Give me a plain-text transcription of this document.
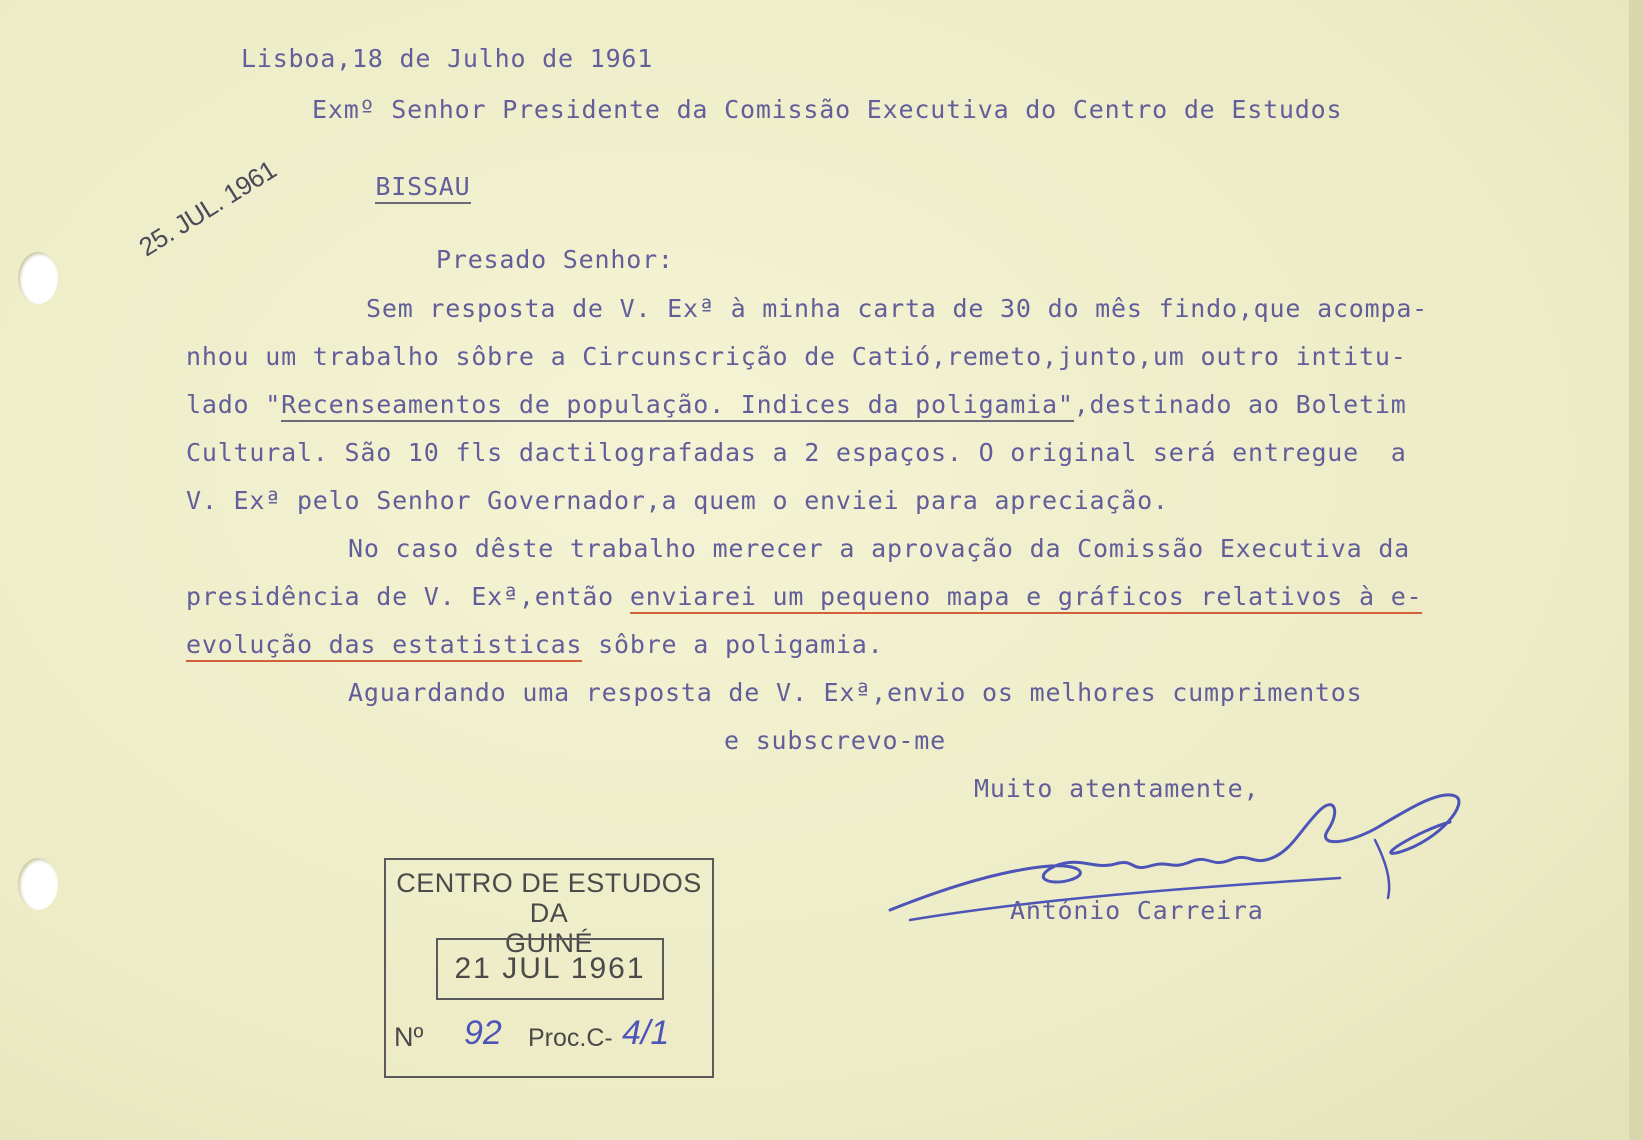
Lisboa,18 de Julho de 1961
Exmº Senhor Presidente da Comissão Executiva do Centro de Estudos

BISSAU

25. JUL. 1961	Presado Senhor:
Sem resposta de V. Exª à minha carta de 30 do mês findo,que acompa-
nhou um trabalho sôbre a Circunscrição de Catió,remeto,junto,um outro intitu-
lado "Recenseamentos de população. Indices da poligamia",destinado ao Boletim
Cultural. São 10 fls dactilografadas a 2 espaços. O original será entregue  a
V. Exª pelo Senhor Governador,a quem o enviei para apreciação.
No caso dêste trabalho merecer a aprovação da Comissão Executiva da
presidência de V. Exª,então enviarei um pequeno mapa e gráficos relativos à e-
evolução das estatisticas sôbre a poligamia.
Aguardando uma resposta de V. Exª,envio os melhores cumprimentos
e subscrevo-me
Muito atentamente,
António Carreira
CENTRO DE ESTUDOS DA
GUINÉ
21 JUL 1961
Nº 92 Proc.C- 4/1
